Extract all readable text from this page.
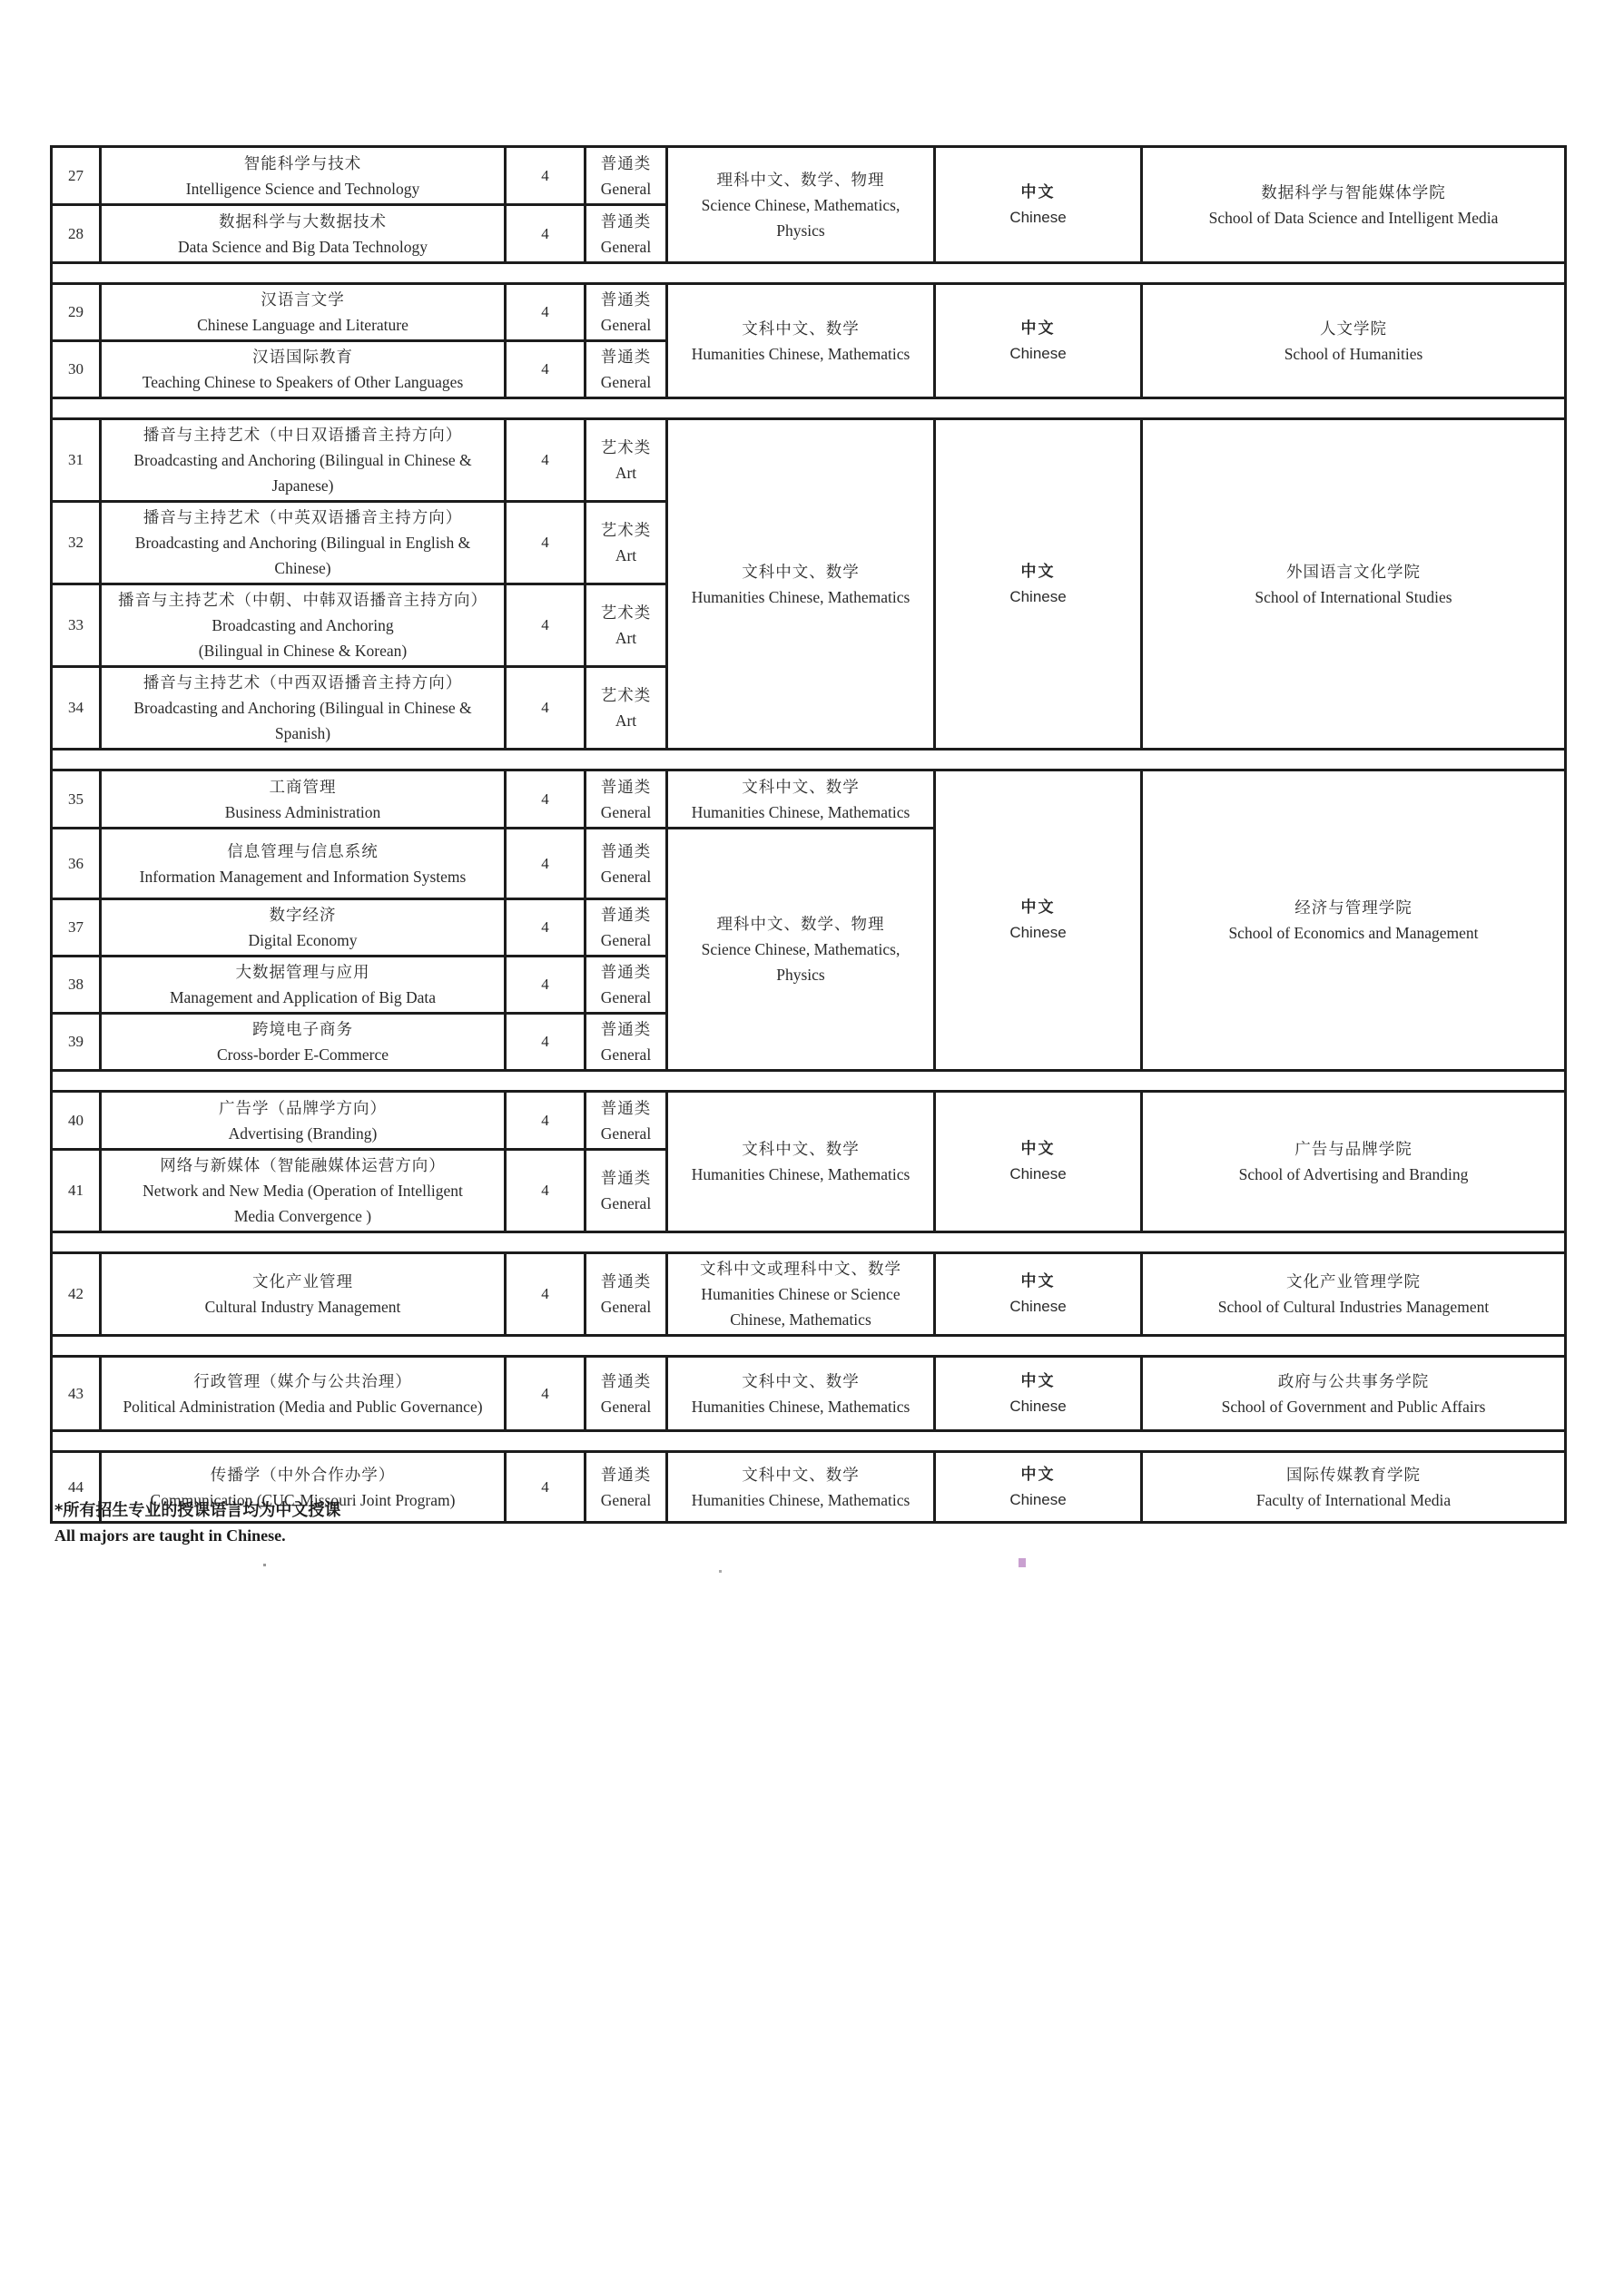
27	智能科学与技术
Intelligence Science and Technology	4	普通类
General	理科中文、数学、物理
Science Chinese, Mathematics,
Physics	中文
Chinese	数据科学与智能媒体学院
School of Data Science and Intelligent Media

28	数据科学与大数据技术
Data Science and Big Data Technology	4	普通类
General			

29	汉语言文学
Chinese Language and Literature	4	普通类
General	文科中文、数学
Humanities Chinese, Mathematics	中文
Chinese	人文学院
School of Humanities

30	汉语国际教育
Teaching Chinese to Speakers of Other Languages	4	普通类
General			

31	播音与主持艺术（中日双语播音主持方向）
Broadcasting and Anchoring (Bilingual in Chinese &
Japanese)	4	艺术类
Art	文科中文、数学
Humanities Chinese, Mathematics	中文
Chinese	外国语言文化学院
School of International Studies

32	播音与主持艺术（中英双语播音主持方向）
Broadcasting and Anchoring (Bilingual in English &
Chinese)	4	艺术类
Art			

33	播音与主持艺术（中朝、中韩双语播音主持方向）
Broadcasting and Anchoring
(Bilingual in Chinese & Korean)	4	艺术类
Art			

34	播音与主持艺术（中西双语播音主持方向）
Broadcasting and Anchoring (Bilingual in Chinese &
Spanish)	4	艺术类
Art			

35	工商管理
Business Administration	4	普通类
General	文科中文、数学
Humanities Chinese, Mathematics	中文
Chinese	经济与管理学院
School of Economics and Management

36	信息管理与信息系统
Information Management and Information Systems	4	普通类
General	理科中文、数学、物理
Science Chinese, Mathematics,
Physics		

37	数字经济
Digital Economy	4	普通类
General			

38	大数据管理与应用
Management and Application of Big Data	4	普通类
General			

39	跨境电子商务
Cross-border E-Commerce	4	普通类
General			

40	广告学（品牌学方向）
Advertising (Branding)	4	普通类
General	文科中文、数学
Humanities Chinese, Mathematics	中文
Chinese	广告与品牌学院
School of Advertising and Branding

41	网络与新媒体（智能融媒体运营方向）
Network and New Media (Operation of Intelligent
Media Convergence )	4	普通类
General			

42	文化产业管理
Cultural Industry Management	4	普通类
General	文科中文或理科中文、数学
Humanities Chinese or Science
Chinese, Mathematics	中文
Chinese	文化产业管理学院
School of Cultural Industries Management

43	行政管理（媒介与公共治理）
Political Administration (Media and Public Governance)	4	普通类
General	文科中文、数学
Humanities Chinese, Mathematics	中文
Chinese	政府与公共事务学院
School of Government and Public Affairs

44	传播学（中外合作办学）
Communication (CUC-Missouri Joint Program)	4	普通类
General	文科中文、数学
Humanities Chinese, Mathematics	中文
Chinese	国际传媒教育学院
Faculty of International Media
*所有招生专业的授课语言均为中文授课
All majors are taught in Chinese.
